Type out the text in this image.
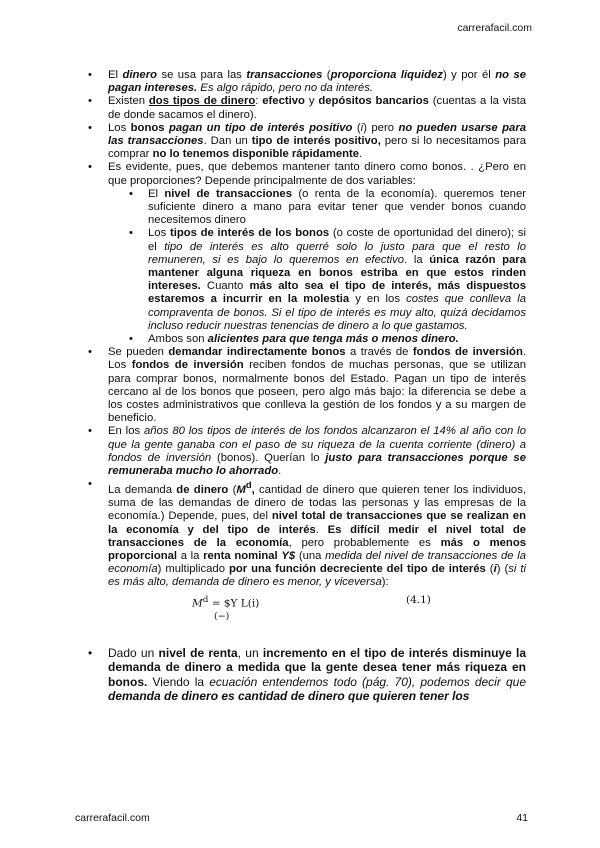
carrerafacil.com
• El dinero se usa para las transacciones (proporciona liquidez) y por él no se pagan intereses. Es algo rápido, pero no da interés.
• Existen dos tipos de dinero: efectivo y depósitos bancarios (cuentas a la vista de donde sacamos el dinero).
• Los bonos pagan un tipo de interés positivo (i) pero no pueden usarse para las transacciones. Dan un tipo de interés positivo, pero si lo necesitamos para comprar no lo tenemos disponible rápidamente.
• Es evidente, pues, que debemos mantener tanto dinero como bonos. . ¿Pero en que proporciones? Depende principalmente de dos variables:
• El nivel de transacciones (o renta de la economía). queremos tener suficiente dinero a mano para evitar tener que vender bonos cuando necesitemos dinero
• Los tipos de interés de los bonos (o coste de oportunidad del dinero); si el tipo de interés es alto querré solo lo justo para que el resto lo remuneren, si es bajo lo queremos en efectivo. la única razón para mantener alguna riqueza en bonos estriba en que estos rinden intereses. Cuanto más alto sea el tipo de interés, más dispuestos estaremos a incurrir en la molestia y en los costes que conlleva la compraventa de bonos. Si el tipo de interés es muy alto, quizá decidamos incluso reducir nuestras tenencias de dinero a lo que gastamos.
• Ambos son alicientes para que tenga más o menos dinero.
• Se pueden demandar indirectamente bonos a través de fondos de inversión. Los fondos de inversión reciben fondos de muchas personas, que se utilizan para comprar bonos, normalmente bonos del Estado. Pagan un tipo de interés cercano al de los bonos que poseen, pero algo más bajo: la diferencia se debe a los costes administrativos que conlleva la gestión de los fondos y a su margen de beneficio.
• En los años 80 los tipos de interés de los fondos alcanzaron el 14% al año con lo que la gente ganaba con el paso de su riqueza de la cuenta corriente (dinero) a fondos de inversión (bonos). Querían lo justo para transacciones porque se remuneraba mucho lo ahorrado.
• La demanda de dinero ($M^d$, cantidad de dinero que quieren tener los individuos, suma de las demandas de dinero de todas las personas y las empresas de la economía.) Depende, pues, del nivel total de transacciones que se realizan en la economía y del tipo de interés. Es difícil medir el nivel total de transacciones de la economía, pero probablemente es más o menos proporcional a la renta nominal Y$ (una medida del nivel de transacciones de la economía) multiplicado por una función decreciente del tipo de interés (i) (si ti es más alto, demanda de dinero es menor, y viceversa):
$M^d$ = $Y L(i)	(4.1)
(−)
• Dado un nivel de renta, un incremento en el tipo de interés disminuye la demanda de dinero a medida que la gente desea tener más riqueza en bonos. Viendo la ecuación entendemos todo (pág. 70), podemos decir que demanda de dinero es cantidad de dinero que quieren tener los
carrerafacil.com	41
